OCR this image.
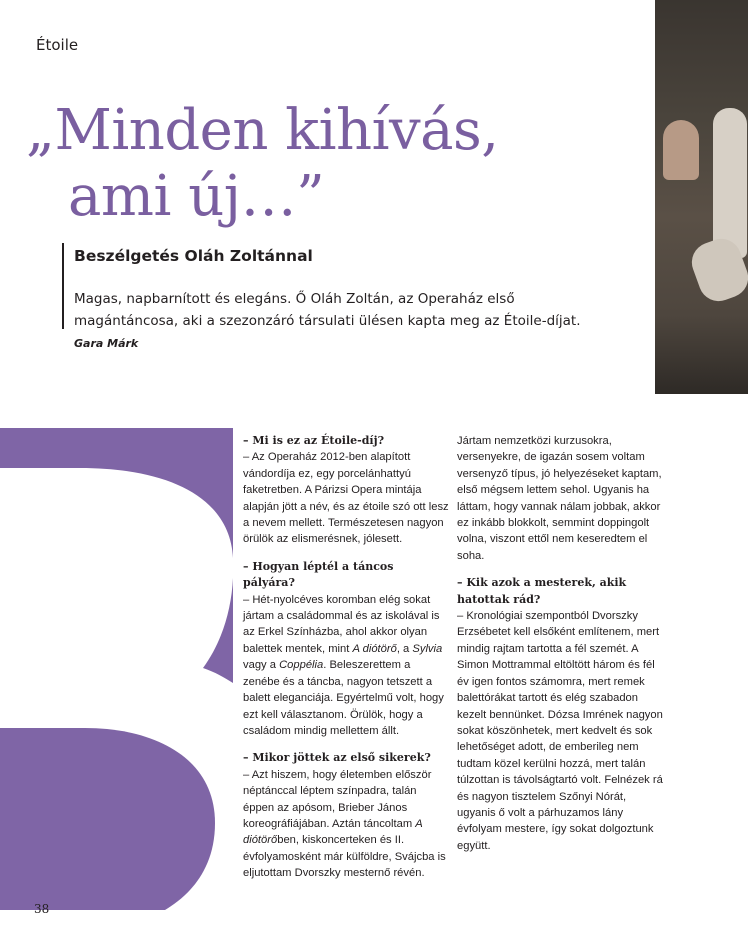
Étoile
„Minden kihívás,
ami új…”
Beszélgetés Oláh Zoltánnal
Magas, napbarnított és elegáns. Ő Oláh Zoltán, az Operaház első magántáncosa, aki a szezonzáró társulati ülésen kapta meg az Étoile-díjat. Gara Márk

– Mi is ez az Étoile-díj?

– Az Operaház 2012-ben alapított vándordíja ez, egy porcelánhattyú faketretben. A Párizsi Opera mintája alapján jött a név, és az étoile szó ott lesz a nevem mellett. Természetesen nagyon örülök az elismerésnek, jólesett.

– Hogyan léptél a táncos pályára?

– Hét-nyolcéves koromban elég sokat jártam a családommal és az iskolával is az Erkel Színházba, ahol akkor olyan balettek mentek, mint A diótörő, a Sylvia vagy a Coppélia. Beleszerettem a zenébe és a táncba, nagyon tetszett a balett eleganciája. Egyértelmű volt, hogy ezt kell választanom. Örülök, hogy a családom mindig mellettem állt.

– Mikor jöttek az első sikerek?

– Azt hiszem, hogy életemben először néptánccal léptem színpadra, talán éppen az apósom, Brieber János koreográfiájában. Aztán táncoltam A diótörőben, kiskoncerteken és II. évfolyamosként már külföldre, Svájcba is eljutottam Dvorszky mesternő révén.

Jártam nemzetközi kurzusokra, versenyekre, de igazán sosem voltam versenyző típus, jó helyezéseket kaptam, első mégsem lettem sehol. Ugyanis ha láttam, hogy vannak nálam jobbak, akkor ez inkább blokkolt, semmint doppingolt volna, viszont ettől nem keseredtem el soha.

– Kik azok a mesterek, akik hatottak rád?

– Kronológiai szempontból Dvorszky Erzsébetet kell elsőként említenem, mert mindig rajtam tartotta a fél szemét. A Simon Mottrammal eltöltött három és fél év igen fontos számomra, mert remek balettórákat tartott és elég szabadon kezelt bennünket. Dózsa Imrének nagyon sokat köszönhetek, mert kedvelt és sok lehetőséget adott, de emberileg nem tudtam közel kerülni hozzá, mert talán túlzottan is távolságtartó volt. Felnézek rá és nagyon tisztelem Szőnyi Nórát, ugyanis ő volt a párhuzamos lány évfolyam mestere, így sokat dolgoztunk együtt.

38
